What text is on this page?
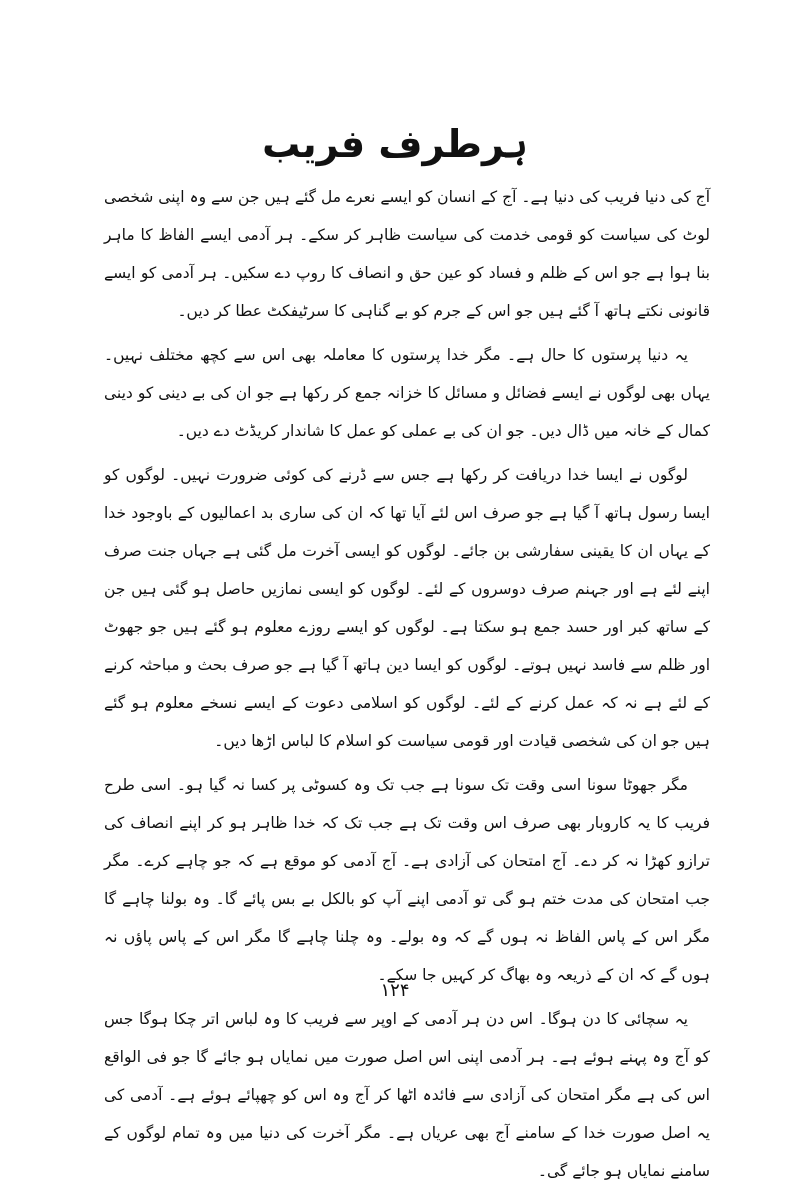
ہرطرف فریب

آج کی دنیا فریب کی دنیا ہے۔ آج کے انسان کو ایسے نعرے مل گئے ہیں جن سے وہ اپنی شخصی لوٹ کی سیاست کو قومی خدمت کی سیاست ظاہر کر سکے۔ ہر آدمی ایسے الفاظ کا ماہر بنا ہوا ہے جو اس کے ظلم و فساد کو عین حق و انصاف کا روپ دے سکیں۔ ہر آدمی کو ایسے قانونی نکتے ہاتھ آ گئے ہیں جو اس کے جرم کو بے گناہی کا سرٹیفکٹ عطا کر دیں۔

یہ دنیا پرستوں کا حال ہے۔ مگر خدا پرستوں کا معاملہ بھی اس سے کچھ مختلف نہیں۔ یہاں بھی لوگوں نے ایسے فضائل و مسائل کا خزانہ جمع کر رکھا ہے جو ان کی بے دینی کو دینی کمال کے خانہ میں ڈال دیں۔ جو ان کی بے عملی کو عمل کا شاندار کریڈٹ دے دیں۔

لوگوں نے ایسا خدا دریافت کر رکھا ہے جس سے ڈرنے کی کوئی ضرورت نہیں۔ لوگوں کو ایسا رسول ہاتھ آ گیا ہے جو صرف اس لئے آیا تھا کہ ان کی ساری بد اعمالیوں کے باوجود خدا کے یہاں ان کا یقینی سفارشی بن جائے۔ لوگوں کو ایسی آخرت مل گئی ہے جہاں جنت صرف اپنے لئے ہے اور جہنم صرف دوسروں کے لئے۔ لوگوں کو ایسی نمازیں حاصل ہو گئی ہیں جن کے ساتھ کبر اور حسد جمع ہو سکتا ہے۔ لوگوں کو ایسے روزے معلوم ہو گئے ہیں جو جھوٹ اور ظلم سے فاسد نہیں ہوتے۔ لوگوں کو ایسا دین ہاتھ آ گیا ہے جو صرف بحث و مباحثہ کرنے کے لئے ہے نہ کہ عمل کرنے کے لئے۔ لوگوں کو اسلامی دعوت کے ایسے نسخے معلوم ہو گئے ہیں جو ان کی شخصی قیادت اور قومی سیاست کو اسلام کا لباس اڑھا دیں۔

مگر جھوٹا سونا اسی وقت تک سونا ہے جب تک وہ کسوٹی پر کسا نہ گیا ہو۔ اسی طرح فریب کا یہ کاروبار بھی صرف اس وقت تک ہے جب تک کہ خدا ظاہر ہو کر اپنے انصاف کی ترازو کھڑا نہ کر دے۔ آج امتحان کی آزادی ہے۔ آج آدمی کو موقع ہے کہ جو چاہے کرے۔ مگر جب امتحان کی مدت ختم ہو گی تو آدمی اپنے آپ کو بالکل بے بس پائے گا۔ وہ بولنا چاہے گا مگر اس کے پاس الفاظ نہ ہوں گے کہ وہ بولے۔ وہ چلنا چاہے گا مگر اس کے پاس پاؤں نہ ہوں گے کہ ان کے ذریعہ وہ بھاگ کر کہیں جا سکے۔

یہ سچائی کا دن ہوگا۔ اس دن ہر آدمی کے اوپر سے فریب کا وہ لباس اتر چکا ہوگا جس کو آج وہ پہنے ہوئے ہے۔ ہر آدمی اپنی اس اصل صورت میں نمایاں ہو جائے گا جو فی الواقع اس کی ہے مگر امتحان کی آزادی سے فائدہ اٹھا کر آج وہ اس کو چھپائے ہوئے ہے۔ آدمی کی یہ اصل صورت خدا کے سامنے آج بھی عریاں ہے۔ مگر آخرت کی دنیا میں وہ تمام لوگوں کے سامنے نمایاں ہو جائے گی۔

۱۲۴
